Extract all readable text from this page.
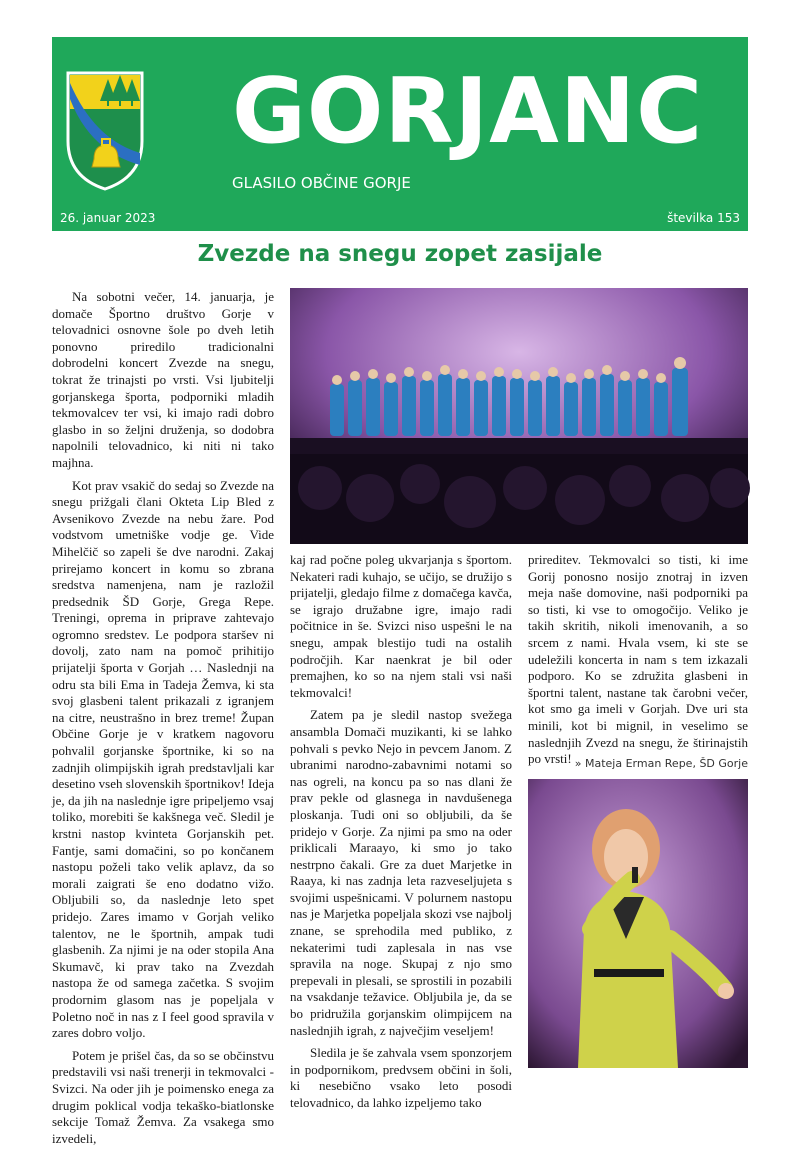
GORJANC
GLASILO OBČINE GORJE
26. januar 2023	številka 153
Zvezde na snegu zopet zasijale

Na sobotni večer, 14. januarja, je domače Športno društvo Gorje v telovadnici osnovne šole po dveh letih ponovno priredilo tradicionalni dobrodelni koncert Zvezde na snegu, tokrat že trinajsti po vrsti. Vsi ljubitelji gorjanskega športa, podporniki mladih tekmovalcev ter vsi, ki imajo radi dobro glasbo in so željni druženja, so dodobra napolnili telovadnico, ki niti ni tako majhna.

Kot prav vsakič do sedaj so Zvezde na snegu prižgali člani Okteta Lip Bled z Avsenikovo Zvezde na nebu žare. Pod vodstvom umetniške vodje ge. Vide Mihelčič so zapeli še dve narodni. Zakaj prirejamo koncert in komu so zbrana sredstva namenjena, nam je razložil predsednik ŠD Gorje, Grega Repe. Treningi, oprema in priprave zahtevajo ogromno sredstev. Le podpora staršev ni dovolj, zato nam na pomoč prihitijo prijatelji športa v Gorjah … Naslednji na odru sta bili Ema in Tadeja Žemva, ki sta svoj glasbeni talent prikazali z igranjem na citre, neustrašno in brez treme! Župan Občine Gorje je v kratkem nagovoru pohvalil gorjanske športnike, ki so na zadnjih olimpijskih igrah predstavljali kar desetino vseh slovenskih športnikov! Ideja je, da jih na naslednje igre pripeljemo vsaj toliko, morebiti še kakšnega več. Sledil je krstni nastop kvinteta Gorjanskih pet. Fantje, sami domačini, so po končanem nastopu poželi tako velik aplavz, da so morali zaigrati še eno dodatno vižo. Obljubili so, da naslednje leto spet pridejo. Zares imamo v Gorjah veliko talentov, ne le športnih, ampak tudi glasbenih. Za njimi je na oder stopila Ana Skumavč, ki prav tako na Zvezdah nastopa že od samega začetka. S svojim prodornim glasom nas je popeljala v Poletno noč in nas z I feel good spravila v zares dobro voljo.

Potem je prišel čas, da so se občinstvu predstavili vsi naši trenerji in tekmovalci - Svizci. Na oder jih je poimensko enega za drugim poklical vodja tekaško-biatlonske sekcije Tomaž Žemva. Za vsakega smo izvedeli,

kaj rad počne poleg ukvarjanja s športom. Nekateri radi kuhajo, se učijo, se družijo s prijatelji, gledajo filme z domačega kavča, se igrajo družabne igre, imajo radi počitnice in še. Svizci niso uspešni le na snegu, ampak blestijo tudi na ostalih področjih. Kar naenkrat je bil oder premajhen, ko so na njem stali vsi naši tekmovalci!

Zatem pa je sledil nastop svežega ansambla Domači muzikanti, ki se lahko pohvali s pevko Nejo in pevcem Janom. Z ubranimi narodno-zabavnimi notami so nas ogreli, na koncu pa so nas dlani že prav pekle od glasnega in navdušenega ploskanja. Tudi oni so obljubili, da še pridejo v Gorje. Za njimi pa smo na oder priklicali Maraayo, ki smo jo tako nestrpno čakali. Gre za duet Marjetke in Raaya, ki nas zadnja leta razveseljujeta s svojimi uspešnicami. V polurnem nastopu nas je Marjetka popeljala skozi vse najbolj znane, se sprehodila med publiko, z nekaterimi tudi zaplesala in nas vse spravila na noge. Skupaj z njo smo prepevali in plesali, se sprostili in pozabili na vsakdanje težavice. Obljubila je, da se bo pridružila gorjanskim olimpijcem na naslednjih igrah, z največjim veseljem!

Sledila je še zahvala vsem sponzorjem in podpornikom, predvsem občini in šoli, ki nesebično vsako leto posodi telovadnico, da lahko izpeljemo tako

prireditev. Tekmovalci so tisti, ki ime Gorij ponosno nosijo znotraj in izven meja naše domovine, naši podporniki pa so tisti, ki vse to omogočijo. Veliko je takih skritih, nikoli imenovanih, a so srcem z nami. Hvala vsem, ki ste se udeležili koncerta in nam s tem izkazali podporo. Ko se združita glasbeni in športni talent, nastane tak čarobni večer, kot smo ga imeli v Gorjah. Dve uri sta minili, kot bi mignil, in veselimo se naslednjih Zvezd na snegu, že štirinajstih po vrsti! » Mateja Erman Repe, ŠD Gorje
